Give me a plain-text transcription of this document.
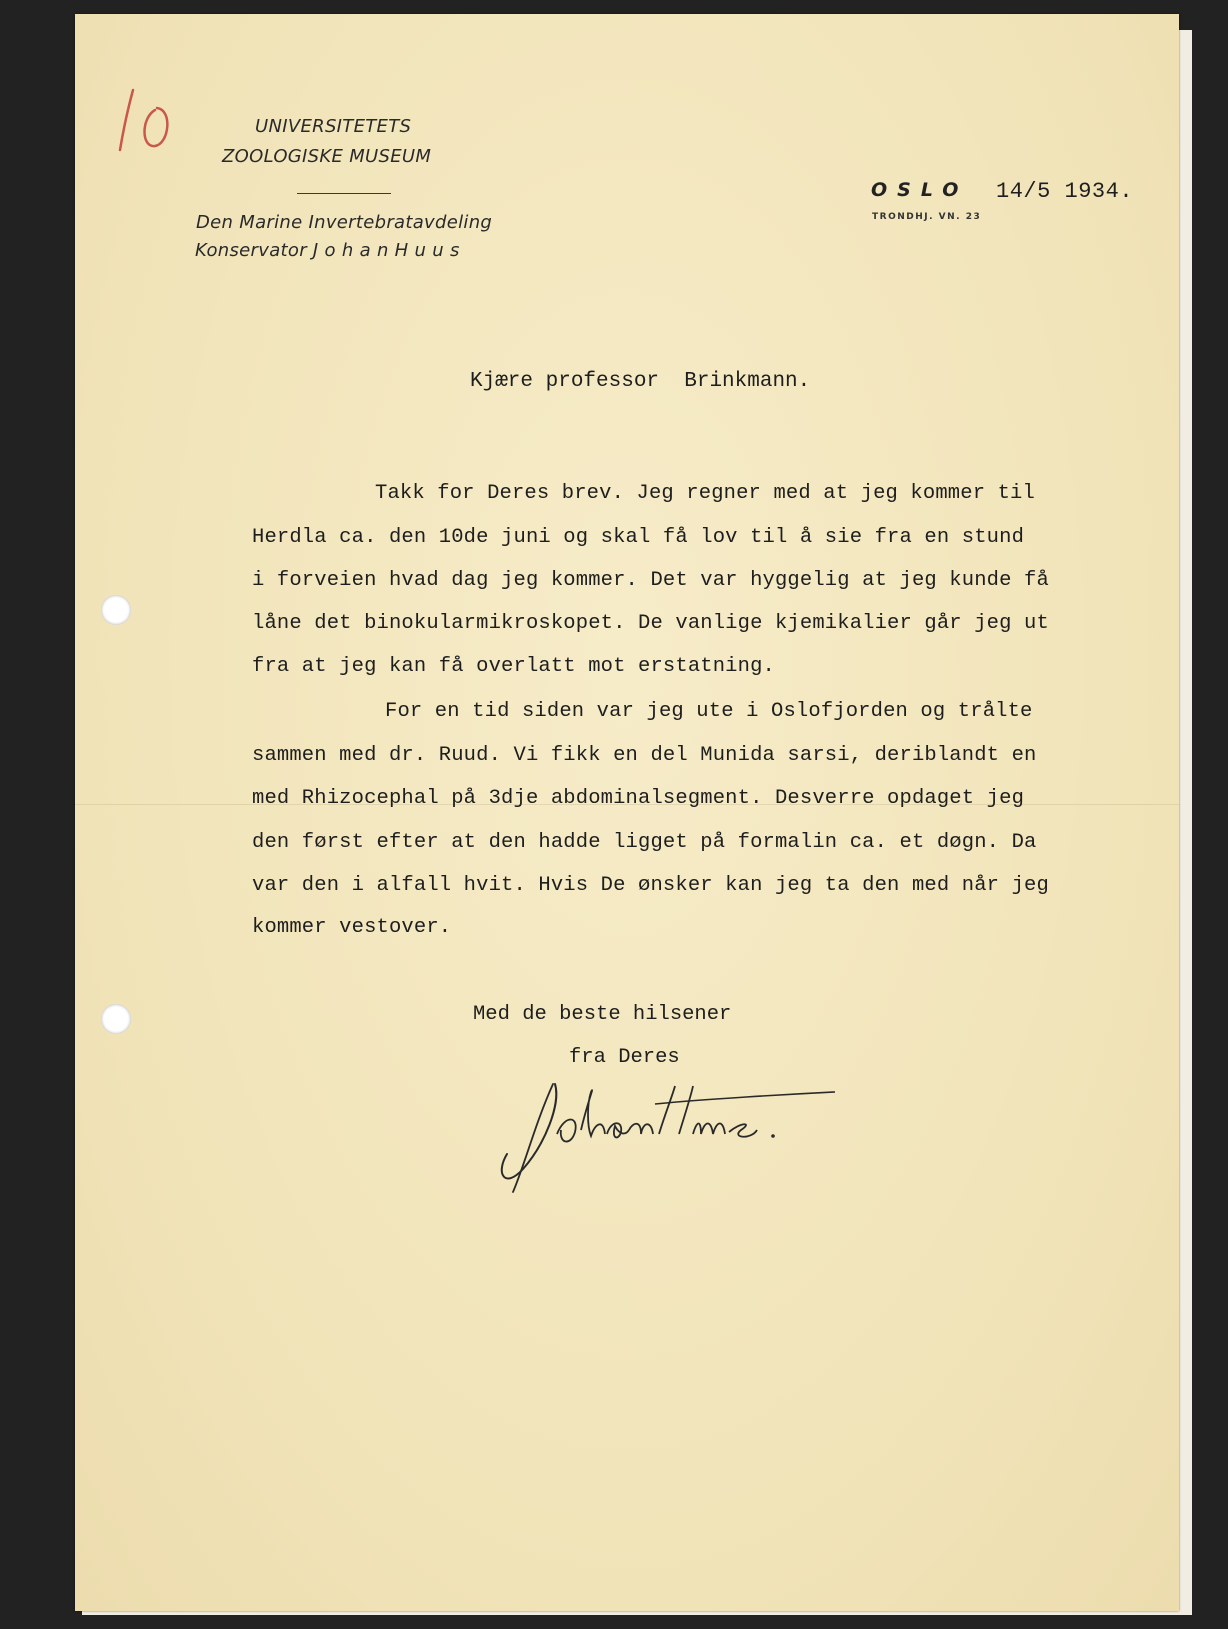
UNIVERSITETETS
ZOOLOGISKE MUSEUM
Den Marine Invertebratavdeling
Konservator J o h a n H u u s
OSLO 14/5 1934.
TRONDHJ. VN. 23
Kjære professor  Brinkmann.
Takk for Deres brev. Jeg regner med at jeg kommer til
Herdla ca. den 10de juni og skal få lov til å sie fra en stund
i forveien hvad dag jeg kommer. Det var hyggelig at jeg kunde få
låne det binokularmikroskopet. De vanlige kjemikalier går jeg ut
fra at jeg kan få overlatt mot erstatning.
For en tid siden var jeg ute i Oslofjorden og trålte
sammen med dr. Ruud. Vi fikk en del Munida sarsi, deriblandt en
med Rhizocephal på 3dje abdominalsegment. Desverre opdaget jeg
den først efter at den hadde ligget på formalin ca. et døgn. Da
var den i alfall hvit. Hvis De ønsker kan jeg ta den med når jeg
kommer vestover.
Med de beste hilsener
fra Deres
